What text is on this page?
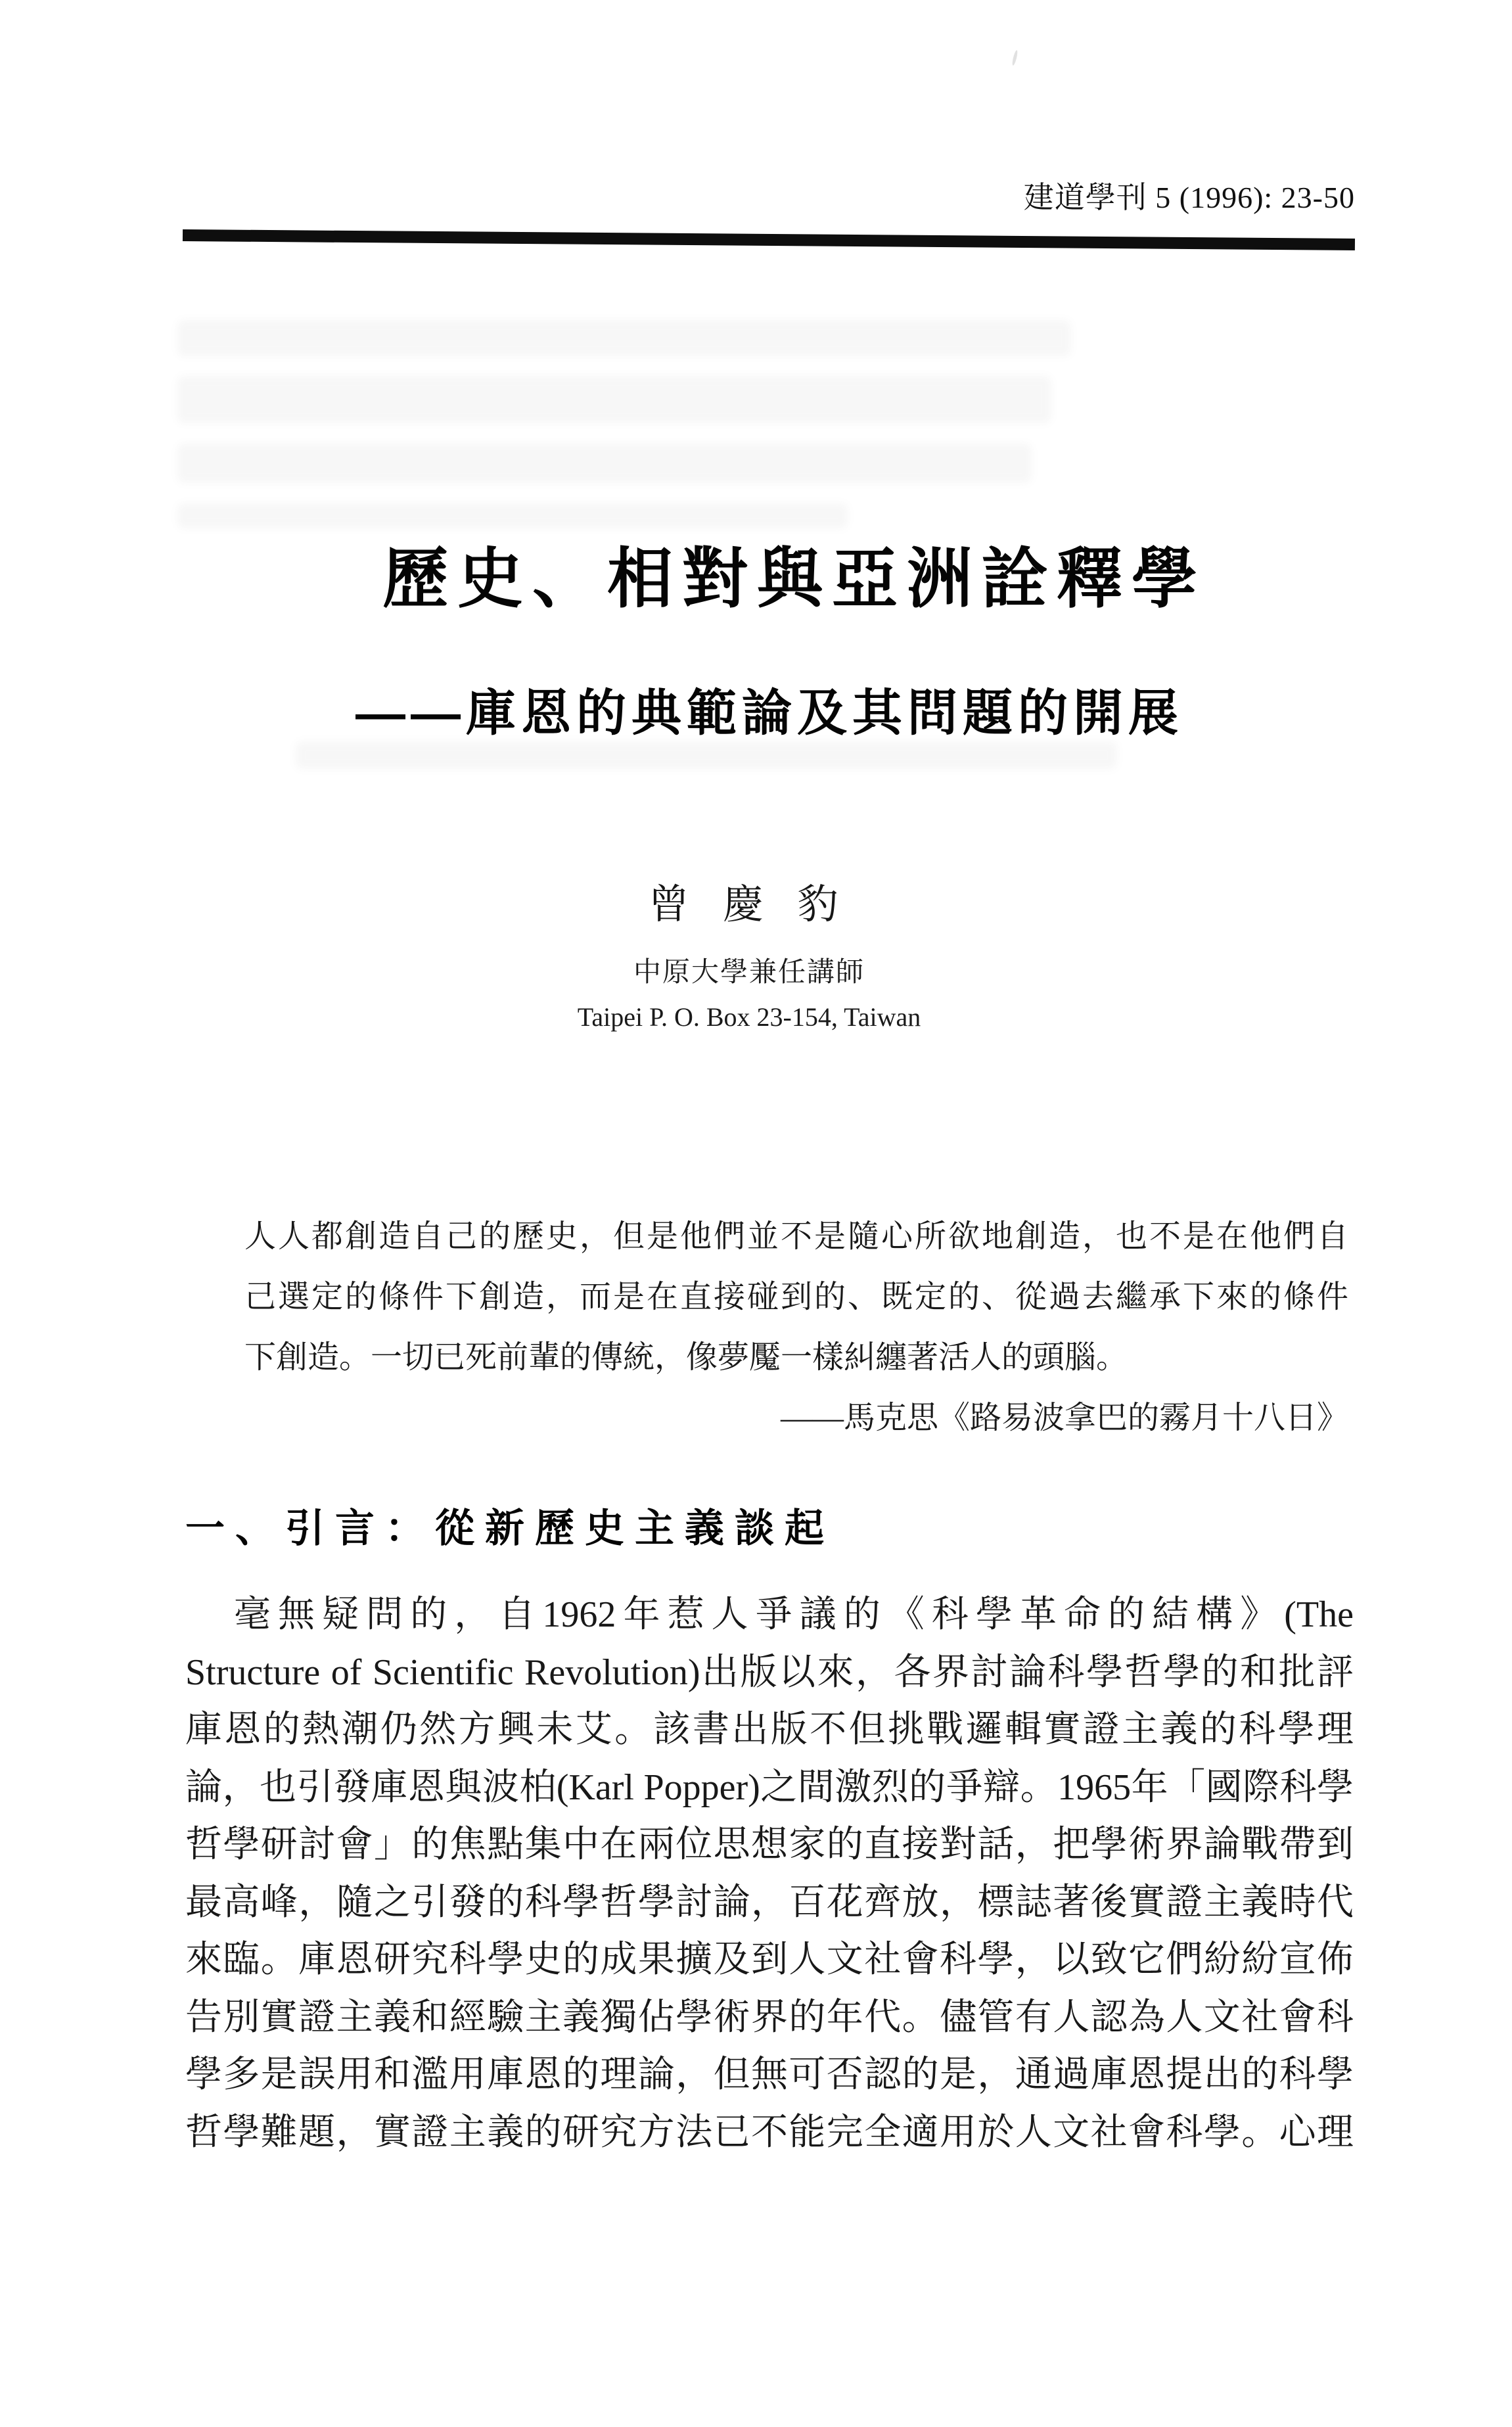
建道學刊 5 (1996): 23-50
歷史、相對與亞洲詮釋學
——庫恩的典範論及其問題的開展
曾 慶 豹
中原大學兼任講師
Taipei P. O. Box 23-154, Taiwan
人人都創造自己的歷史，但是他們並不是隨心所欲地創造，也不是在他們自
己選定的條件下創造，而是在直接碰到的、既定的、從過去繼承下來的條件
下創造。一切已死前輩的傳統，像夢魘一樣糾纏著活人的頭腦。
——馬克思《路易波拿巴的霧月十八日》
一、引言：從新歷史主義談起
毫無疑問的，自1962年惹人爭議的《科學革命的結構》(The
Structure of Scientific Revolution)出版以來，各界討論科學哲學的和批評
庫恩的熱潮仍然方興未艾。該書出版不但挑戰邏輯實證主義的科學理
論，也引發庫恩與波柏(Karl Popper)之間激烈的爭辯。1965年「國際科學
哲學研討會」的焦點集中在兩位思想家的直接對話，把學術界論戰帶到
最高峰，隨之引發的科學哲學討論，百花齊放，標誌著後實證主義時代
來臨。庫恩研究科學史的成果擴及到人文社會科學，以致它們紛紛宣佈
告別實證主義和經驗主義獨佔學術界的年代。儘管有人認為人文社會科
學多是誤用和濫用庫恩的理論，但無可否認的是，通過庫恩提出的科學
哲學難題，實證主義的研究方法已不能完全適用於人文社會科學。心理
